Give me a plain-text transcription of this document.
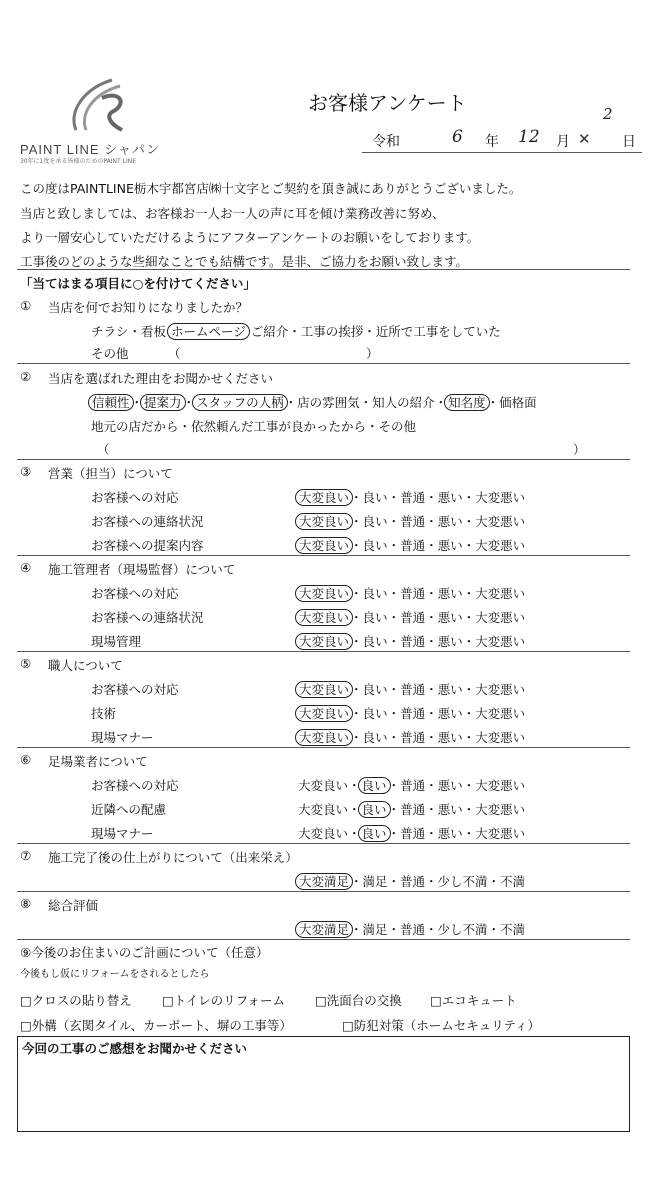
PAINT LINE シャパン
30年に1度を承る皆様のためのPAINT LINE
お客様アンケート
令和	6 年 12 月
2
✕	日
この度はPAINTLINE栃木宇都宮店㈱十文字とご契約を頂き誠にありがとうございました。
当店と致しましては、お客様お一人お一人の声に耳を傾け業務改善に努め、
より一層安心していただけるようにアフターアンケートのお願いをしております。
工事後のどのような些細なことでも結構です。是非、ご協力をお願い致します。
「当てはまる項目に○を付けてください」
① 当店を何でお知りになりましたか？
チラシ・看板 ホームページ ご紹介・工事の挨拶・近所で工事をしていた
その他	（	）
② 当店を選ばれた理由をお聞かせください
信頼性・提案力・スタッフの人柄・店の雰囲気・知人の紹介・知名度・価格面
地元の店だから・依然頼んだ工事が良かったから・その他
（	）
③ 営業（担当）について
お客様への対応	大変良い・良い・普通・悪い・大変悪い
お客様への連絡状況	大変良い・良い・普通・悪い・大変悪い
お客様への提案内容	大変良い・良い・普通・悪い・大変悪い
④ 施工管理者（現場監督）について
お客様への対応	大変良い・良い・普通・悪い・大変悪い
お客様への連絡状況	大変良い・良い・普通・悪い・大変悪い
現場管理	大変良い・良い・普通・悪い・大変悪い
⑤ 職人について
お客様への対応	大変良い・良い・普通・悪い・大変悪い
技術	大変良い・良い・普通・悪い・大変悪い
現場マナー	大変良い・良い・普通・悪い・大変悪い
⑥ 足場業者について
お客様への対応	大変良い・良い・普通・悪い・大変悪い
近隣への配慮	大変良い・良い・普通・悪い・大変悪い
現場マナー	大変良い・良い・普通・悪い・大変悪い
⑦ 施工完了後の仕上がりについて（出来栄え）
大変満足・満足・普通・少し不満・不満
⑧ 総合評価
大変満足・満足・普通・少し不満・不満
⑨今後のお住まいのご計画について（任意）
今後もし仮にリフォームをされるとしたら
□クロスの貼り替え □トイレのリフォーム □洗面台の交換 □エコキュート
□外構（玄関タイル、カーポート、塀の工事等）	□防犯対策（ホームセキュリティ）
今回の工事のご感想をお聞かせください
